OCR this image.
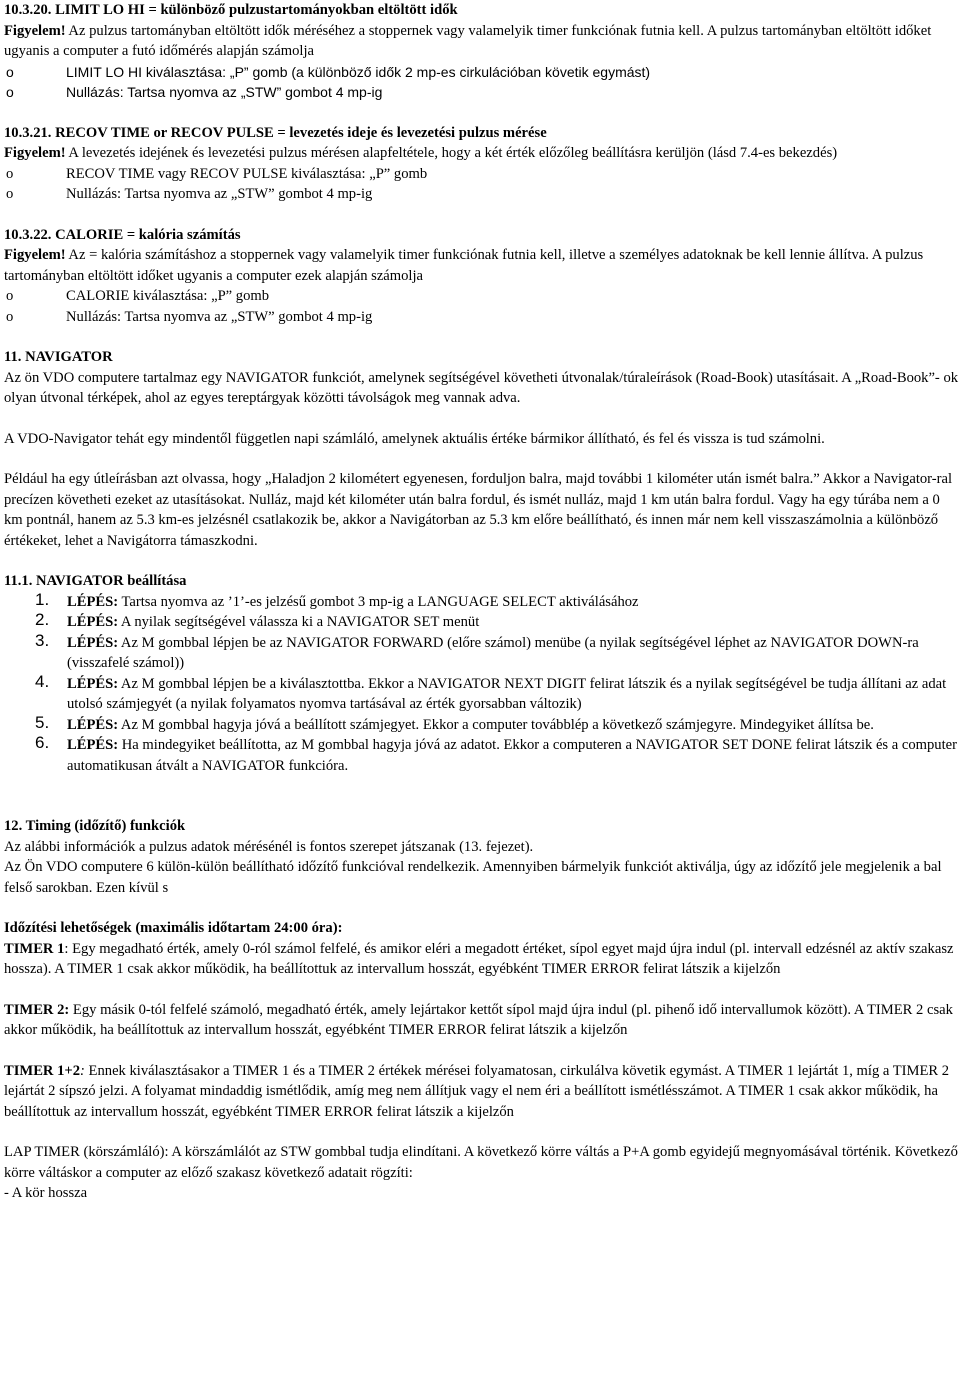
10.3.20. LIMIT LO HI = különböző pulzustartományokban eltöltött idők

Figyelem! Az pulzus tartományban eltöltött idők méréséhez a stoppernek vagy valamelyik timer funkciónak futnia kell. A pulzus tartományban eltöltött időket ugyanis a computer a futó időmérés alapján számolja

o	LIMIT LO HI kiválasztása: „P” gomb (a különböző idők 2 mp-es cirkulációban követik egymást)
o	Nullázás: Tartsa nyomva az „STW” gombot 4 mp-ig

10.3.21. RECOV TIME or RECOV PULSE = levezetés ideje és levezetési pulzus mérése

Figyelem! A levezetés idejének és levezetési pulzus mérésen alapfeltétele, hogy a két érték előzőleg beállításra kerüljön (lásd 7.4-es bekezdés)

o	RECOV TIME vagy RECOV PULSE kiválasztása: „P” gomb
o	Nullázás: Tartsa nyomva az „STW” gombot 4 mp-ig

10.3.22. CALORIE = kalória számítás

Figyelem! Az = kalória számításhoz a stoppernek vagy valamelyik timer funkciónak futnia kell, illetve a személyes adatoknak be kell lennie állítva. A pulzus tartományban eltöltött időket ugyanis a computer ezek alapján számolja

o	CALORIE kiválasztása: „P” gomb
o	Nullázás: Tartsa nyomva az „STW” gombot 4 mp-ig

11. NAVIGATOR

Az ön VDO computere tartalmaz egy NAVIGATOR funkciót, amelynek segítségével követheti útvonalak/túraleírások (Road-Book) utasításait. A „Road-Book”- ok olyan útvonal térképek, ahol az egyes tereptárgyak közötti távolságok meg vannak adva.

A VDO-Navigator tehát egy mindentől független napi számláló, amelynek aktuális értéke bármikor állítható, és fel és vissza is tud számolni.

Például ha egy útleírásban azt olvassa, hogy „Haladjon 2 kilométert egyenesen, forduljon balra, majd további 1 kilométer után ismét balra.” Akkor a Navigator-ral precízen követheti ezeket az utasításokat. Nulláz, majd két kilométer után balra fordul, és ismét nulláz, majd 1 km után balra fordul. Vagy ha egy túrába nem a 0 km pontnál, hanem az 5.3 km-es jelzésnél csatlakozik be, akkor a Navigátorban az 5.3 km előre beállítható, és innen már nem kell visszaszámolnia a különböző értékeket, lehet a Navigátorra támaszkodni.

11.1. NAVIGATOR beállítása

1. LÉPÉS: Tartsa nyomva az ’1’-es jelzésű gombot 3 mp-ig a LANGUAGE SELECT aktiválásához
2. LÉPÉS: A nyilak segítségével válassza ki a NAVIGATOR SET menüt
3. LÉPÉS: Az M gombbal lépjen be az NAVIGATOR FORWARD (előre számol) menübe (a nyilak segítségével léphet az NAVIGATOR DOWN-ra (visszafelé számol))
4. LÉPÉS: Az M gombbal lépjen be a kiválasztottba. Ekkor a NAVIGATOR NEXT DIGIT felirat látszik és a nyilak segítségével be tudja állítani az adat utolsó számjegyét (a nyilak folyamatos nyomva tartásával az érték gyorsabban változik)
5. LÉPÉS: Az M gombbal hagyja jóvá a beállított számjegyet. Ekkor a computer továbblép a következő számjegyre. Mindegyiket állítsa be.
6. LÉPÉS: Ha mindegyiket beállította, az M gombbal hagyja jóvá az adatot. Ekkor a computeren a NAVIGATOR SET DONE felirat látszik és a computer automatikusan átvált a NAVIGATOR funkcióra.

12. Timing (időzítő) funkciók

Az alábbi információk a pulzus adatok mérésénél is fontos szerepet játszanak (13. fejezet).

Az Ön VDO computere 6 külön-külön beállítható időzítő funkcióval rendelkezik. Amennyiben bármelyik funkciót aktiválja, úgy az időzítő jele megjelenik a bal felső sarokban. Ezen kívül s

Időzítési lehetőségek (maximális időtartam 24:00 óra):

TIMER 1: Egy megadható érték, amely 0-ról számol felfelé, és amikor eléri a megadott értéket, sípol egyet majd újra indul (pl. intervall edzésnél az aktív szakasz hossza). A TIMER 1 csak akkor működik, ha beállítottuk az intervallum hosszát, egyébként TIMER ERROR felirat látszik a kijelzőn

TIMER 2: Egy másik 0-tól felfelé számoló, megadható érték, amely lejártakor kettőt sípol majd újra indul (pl. pihenő idő intervallumok között). A TIMER 2 csak akkor működik, ha beállítottuk az intervallum hosszát, egyébként TIMER ERROR felirat látszik a kijelzőn

TIMER 1+2: Ennek kiválasztásakor a TIMER 1 és a TIMER 2 értékek mérései folyamatosan, cirkulálva követik egymást. A TIMER 1 lejártát 1, míg a TIMER 2 lejártát 2 sípszó jelzi. A folyamat mindaddig ismétlődik, amíg meg nem állítjuk vagy el nem éri a beállított ismétlésszámot. A TIMER 1 csak akkor működik, ha beállítottuk az intervallum hosszát, egyébként TIMER ERROR felirat látszik a kijelzőn

LAP TIMER (körszámláló): A körszámlálót az STW gombbal tudja elindítani. A következő körre váltás a P+A gomb egyidejű megnyomásával történik. Következő körre váltáskor a computer az előző szakasz következő adatait rögzíti:

- A kör hossza
